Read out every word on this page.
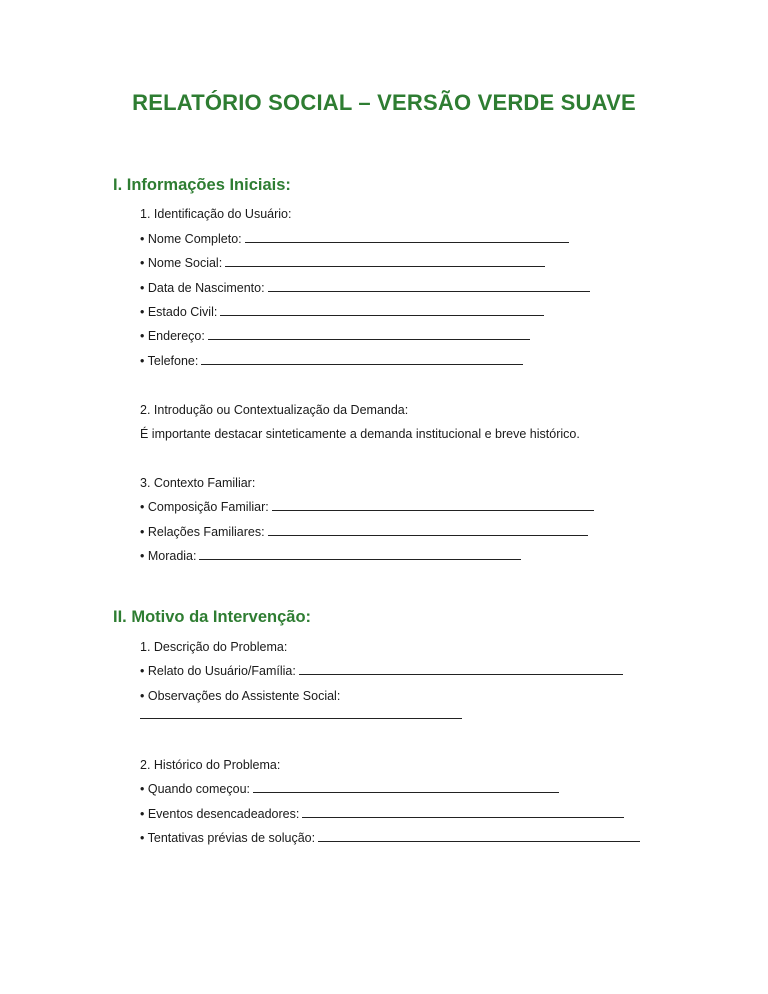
RELATÓRIO SOCIAL – VERSÃO VERDE SUAVE
I. Informações Iniciais:
1. Identificação do Usuário:
• Nome Completo:
• Nome Social:
• Data de Nascimento:
• Estado Civil:
• Endereço:
• Telefone:
2. Introdução ou Contextualização da Demanda:
É importante destacar sinteticamente a demanda institucional e breve histórico.
3. Contexto Familiar:
• Composição Familiar:
• Relações Familiares:
• Moradia:
II. Motivo da Intervenção:
1. Descrição do Problema:
• Relato do Usuário/Família:
• Observações do Assistente Social:
2. Histórico do Problema:
• Quando começou:
• Eventos desencadeadores:
• Tentativas prévias de solução:
